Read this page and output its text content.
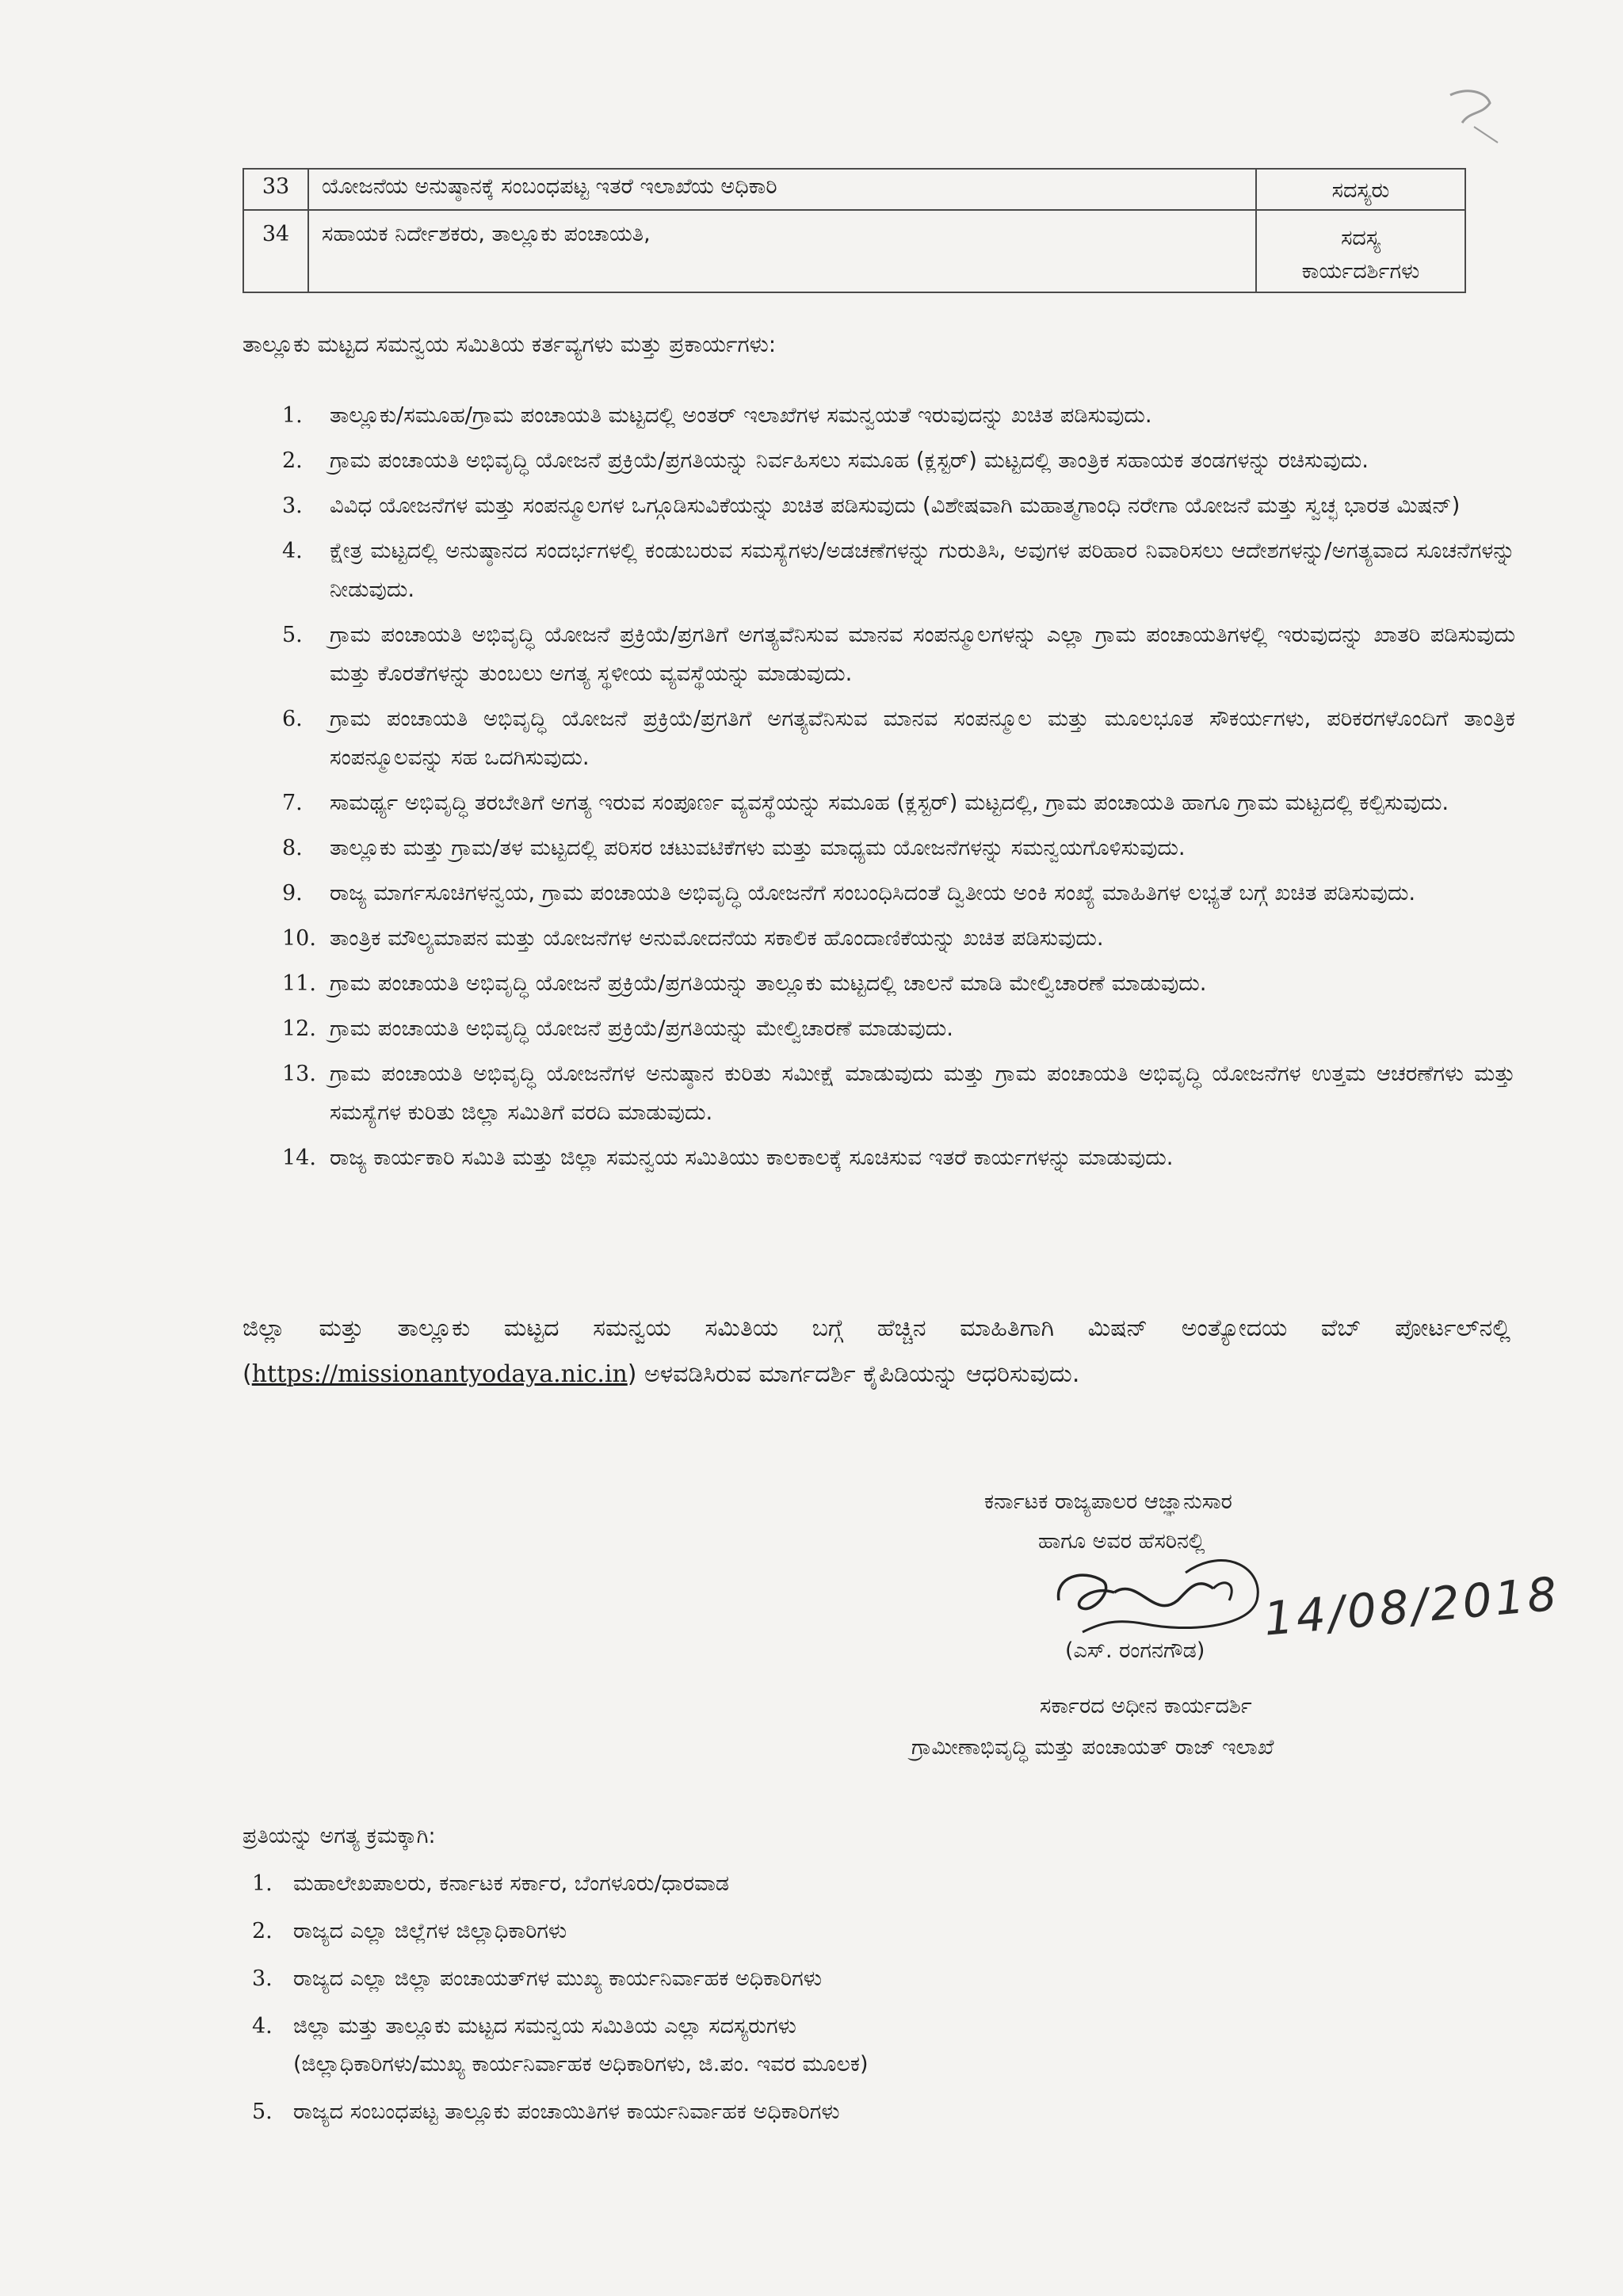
33	ಯೋಜನೆಯ ಅನುಷ್ಠಾನಕ್ಕೆ ಸಂಬಂಧಪಟ್ಟ ಇತರೆ ಇಲಾಖೆಯ ಅಧಿಕಾರಿ	ಸದಸ್ಯರು

34	ಸಹಾಯಕ ನಿರ್ದೇಶಕರು, ತಾಲ್ಲೂಕು ಪಂಚಾಯತಿ,	ಸದಸ್ಯ
ಕಾರ್ಯದರ್ಶಿಗಳು
ತಾಲ್ಲೂಕು ಮಟ್ಟದ ಸಮನ್ವಯ ಸಮಿತಿಯ ಕರ್ತವ್ಯಗಳು ಮತ್ತು ಪ್ರಕಾರ್ಯಗಳು:
1. ತಾಲ್ಲೂಕು/ಸಮೂಹ/ಗ್ರಾಮ ಪಂಚಾಯತಿ ಮಟ್ಟದಲ್ಲಿ ಅಂತರ್ ಇಲಾಖೆಗಳ ಸಮನ್ವಯತೆ ಇರುವುದನ್ನು ಖಚಿತ ಪಡಿಸುವುದು.
2. ಗ್ರಾಮ ಪಂಚಾಯತಿ ಅಭಿವೃದ್ಧಿ ಯೋಜನೆ ಪ್ರಕ್ರಿಯೆ/ಪ್ರಗತಿಯನ್ನು ನಿರ್ವಹಿಸಲು ಸಮೂಹ (ಕ್ಲಸ್ಟರ್) ಮಟ್ಟದಲ್ಲಿ ತಾಂತ್ರಿಕ ಸಹಾಯಕ ತಂಡಗಳನ್ನು ರಚಿಸುವುದು.
3. ವಿವಿಧ ಯೋಜನೆಗಳ ಮತ್ತು ಸಂಪನ್ಮೂಲಗಳ ಒಗ್ಗೂಡಿಸುವಿಕೆಯನ್ನು ಖಚಿತ ಪಡಿಸುವುದು (ವಿಶೇಷವಾಗಿ ಮಹಾತ್ಮಗಾಂಧಿ ನರೇಗಾ ಯೋಜನೆ ಮತ್ತು ಸ್ವಚ್ಛ ಭಾರತ ಮಿಷನ್)
4. ಕ್ಷೇತ್ರ ಮಟ್ಟದಲ್ಲಿ ಅನುಷ್ಠಾನದ ಸಂದರ್ಭಗಳಲ್ಲಿ ಕಂಡುಬರುವ ಸಮಸ್ಯೆಗಳು/ಅಡಚಣೆಗಳನ್ನು ಗುರುತಿಸಿ, ಅವುಗಳ ಪರಿಹಾರ ನಿವಾರಿಸಲು ಆದೇಶಗಳನ್ನು/ಅಗತ್ಯವಾದ ಸೂಚನೆಗಳನ್ನು ನೀಡುವುದು.
5. ಗ್ರಾಮ ಪಂಚಾಯತಿ ಅಭಿವೃದ್ಧಿ ಯೋಜನೆ ಪ್ರಕ್ರಿಯೆ/ಪ್ರಗತಿಗೆ ಅಗತ್ಯವೆನಿಸುವ ಮಾನವ ಸಂಪನ್ಮೂಲಗಳನ್ನು ಎಲ್ಲಾ ಗ್ರಾಮ ಪಂಚಾಯತಿಗಳಲ್ಲಿ ಇರುವುದನ್ನು ಖಾತರಿ ಪಡಿಸುವುದು ಮತ್ತು ಕೊರತೆಗಳನ್ನು ತುಂಬಲು ಅಗತ್ಯ ಸ್ಥಳೀಯ ವ್ಯವಸ್ಥೆಯನ್ನು ಮಾಡುವುದು.
6. ಗ್ರಾಮ ಪಂಚಾಯತಿ ಅಭಿವೃದ್ಧಿ ಯೋಜನೆ ಪ್ರಕ್ರಿಯೆ/ಪ್ರಗತಿಗೆ ಅಗತ್ಯವೆನಿಸುವ ಮಾನವ ಸಂಪನ್ಮೂಲ ಮತ್ತು ಮೂಲಭೂತ ಸೌಕರ್ಯಗಳು, ಪರಿಕರಗಳೊಂದಿಗೆ ತಾಂತ್ರಿಕ ಸಂಪನ್ಮೂಲವನ್ನು ಸಹ ಒದಗಿಸುವುದು.
7. ಸಾಮರ್ಥ್ಯ ಅಭಿವೃದ್ಧಿ ತರಬೇತಿಗೆ ಅಗತ್ಯ ಇರುವ ಸಂಪೂರ್ಣ ವ್ಯವಸ್ಥೆಯನ್ನು ಸಮೂಹ (ಕ್ಲಸ್ಟರ್) ಮಟ್ಟದಲ್ಲಿ, ಗ್ರಾಮ ಪಂಚಾಯತಿ ಹಾಗೂ ಗ್ರಾಮ ಮಟ್ಟದಲ್ಲಿ ಕಲ್ಪಿಸುವುದು.
8. ತಾಲ್ಲೂಕು ಮತ್ತು ಗ್ರಾಮ/ತಳ ಮಟ್ಟದಲ್ಲಿ ಪರಿಸರ ಚಟುವಟಿಕೆಗಳು ಮತ್ತು ಮಾಧ್ಯಮ ಯೋಜನೆಗಳನ್ನು ಸಮನ್ವಯಗೊಳಿಸುವುದು.
9. ರಾಜ್ಯ ಮಾರ್ಗಸೂಚಿಗಳನ್ವಯ, ಗ್ರಾಮ ಪಂಚಾಯತಿ ಅಭಿವೃದ್ಧಿ ಯೋಜನೆಗೆ ಸಂಬಂಧಿಸಿದಂತೆ ದ್ವಿತೀಯ ಅಂಕಿ ಸಂಖ್ಯೆ ಮಾಹಿತಿಗಳ ಲಭ್ಯತೆ ಬಗ್ಗೆ ಖಚಿತ ಪಡಿಸುವುದು.
10. ತಾಂತ್ರಿಕ ಮೌಲ್ಯಮಾಪನ ಮತ್ತು ಯೋಜನೆಗಳ ಅನುಮೋದನೆಯ ಸಕಾಲಿಕ ಹೊಂದಾಣಿಕೆಯನ್ನು ಖಚಿತ ಪಡಿಸುವುದು.
11. ಗ್ರಾಮ ಪಂಚಾಯತಿ ಅಭಿವೃದ್ಧಿ ಯೋಜನೆ ಪ್ರಕ್ರಿಯೆ/ಪ್ರಗತಿಯನ್ನು ತಾಲ್ಲೂಕು ಮಟ್ಟದಲ್ಲಿ ಚಾಲನೆ ಮಾಡಿ ಮೇಲ್ವಿಚಾರಣೆ ಮಾಡುವುದು.
12. ಗ್ರಾಮ ಪಂಚಾಯತಿ ಅಭಿವೃದ್ಧಿ ಯೋಜನೆ ಪ್ರಕ್ರಿಯೆ/ಪ್ರಗತಿಯನ್ನು ಮೇಲ್ವಿಚಾರಣೆ ಮಾಡುವುದು.
13. ಗ್ರಾಮ ಪಂಚಾಯತಿ ಅಭಿವೃದ್ಧಿ ಯೋಜನೆಗಳ ಅನುಷ್ಠಾನ ಕುರಿತು ಸಮೀಕ್ಷೆ ಮಾಡುವುದು ಮತ್ತು ಗ್ರಾಮ ಪಂಚಾಯತಿ ಅಭಿವೃದ್ಧಿ ಯೋಜನೆಗಳ ಉತ್ತಮ ಆಚರಣೆಗಳು ಮತ್ತು ಸಮಸ್ಯೆಗಳ ಕುರಿತು ಜಿಲ್ಲಾ ಸಮಿತಿಗೆ ವರದಿ ಮಾಡುವುದು.
14. ರಾಜ್ಯ ಕಾರ್ಯಕಾರಿ ಸಮಿತಿ ಮತ್ತು ಜಿಲ್ಲಾ ಸಮನ್ವಯ ಸಮಿತಿಯು ಕಾಲಕಾಲಕ್ಕೆ ಸೂಚಿಸುವ ಇತರೆ ಕಾರ್ಯಗಳನ್ನು ಮಾಡುವುದು.

ಜಿಲ್ಲಾ ಮತ್ತು ತಾಲ್ಲೂಕು ಮಟ್ಟದ ಸಮನ್ವಯ ಸಮಿತಿಯ ಬಗ್ಗೆ ಹೆಚ್ಚಿನ ಮಾಹಿತಿಗಾಗಿ ಮಿಷನ್ ಅಂತ್ಯೋದಯ ವೆಬ್ ಪೋರ್ಟಲ್‌ನಲ್ಲಿ (https://missionantyodaya.nic.in) ಅಳವಡಿಸಿರುವ ಮಾರ್ಗದರ್ಶಿ ಕೈಪಿಡಿಯನ್ನು ಆಧರಿಸುವುದು.

ಕರ್ನಾಟಕ ರಾಜ್ಯಪಾಲರ ಆಜ್ಞಾನುಸಾರ

ಹಾಗೂ ಅವರ ಹೆಸರಿನಲ್ಲಿ

14/08/2018

(ಎಸ್. ರಂಗನಗೌಡ)

ಸರ್ಕಾರದ ಅಧೀನ ಕಾರ್ಯದರ್ಶಿ

ಗ್ರಾಮೀಣಾಭಿವೃದ್ಧಿ ಮತ್ತು ಪಂಚಾಯತ್ ರಾಜ್ ಇಲಾಖೆ

ಪ್ರತಿಯನ್ನು ಅಗತ್ಯ ಕ್ರಮಕ್ಕಾಗಿ:
1. ಮಹಾಲೇಖಪಾಲರು, ಕರ್ನಾಟಕ ಸರ್ಕಾರ, ಬೆಂಗಳೂರು/ಧಾರವಾಡ
2. ರಾಜ್ಯದ ಎಲ್ಲಾ ಜಿಲ್ಲೆಗಳ ಜಿಲ್ಲಾಧಿಕಾರಿಗಳು
3. ರಾಜ್ಯದ ಎಲ್ಲಾ ಜಿಲ್ಲಾ ಪಂಚಾಯತ್‌ಗಳ ಮುಖ್ಯ ಕಾರ್ಯನಿರ್ವಾಹಕ ಅಧಿಕಾರಿಗಳು
4. ಜಿಲ್ಲಾ ಮತ್ತು ತಾಲ್ಲೂಕು ಮಟ್ಟದ ಸಮನ್ವಯ ಸಮಿತಿಯ ಎಲ್ಲಾ ಸದಸ್ಯರುಗಳು
(ಜಿಲ್ಲಾಧಿಕಾರಿಗಳು/ಮುಖ್ಯ ಕಾರ್ಯನಿರ್ವಾಹಕ ಅಧಿಕಾರಿಗಳು, ಜಿ.ಪಂ. ಇವರ ಮೂಲಕ)
5. ರಾಜ್ಯದ ಸಂಬಂಧಪಟ್ಟ ತಾಲ್ಲೂಕು ಪಂಚಾಯಿತಿಗಳ ಕಾರ್ಯನಿರ್ವಾಹಕ ಅಧಿಕಾರಿಗಳು
